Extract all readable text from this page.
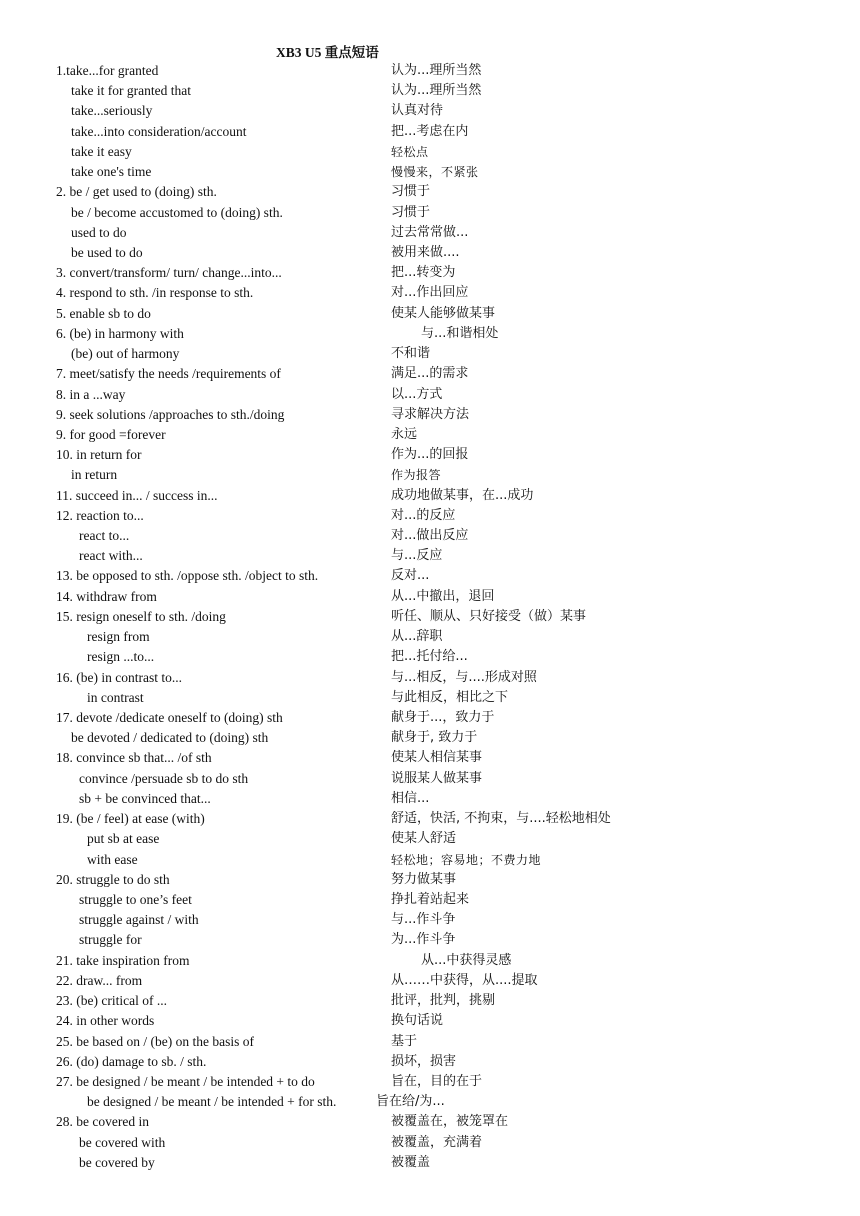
XB3 U5 重点短语
1.take...for granted	认为...理所当然
take it for granted that	认为...理所当然
take...seriously	认真对待
take...into consideration/account	把...考虑在内
take it easy	轻松点
take one's time	慢慢来，不紧张
2. be / get used to (doing) sth.	习惯于
be / become accustomed to (doing) sth.	习惯于
used to do	过去常常做...
be used to do	被用来做....
3. convert/transform/ turn/ change...into...	把...转变为
4. respond to sth. /in response to sth.	对...作出回应
5. enable sb to do	使某人能够做某事
6. (be) in harmony with	与...和谐相处
(be) out of harmony	不和谐
7. meet/satisfy the needs /requirements of	满足...的需求
8. in a ...way	以...方式
9. seek solutions /approaches to sth./doing	寻求解决方法
9. for good =forever	永远
10. in return for	作为...的回报
in return	作为报答
11. succeed in... / success in...	成功地做某事，在...成功
12. reaction to...	对...的反应
react to...	对...做出反应
react with...	与...反应
13. be opposed to sth. /oppose sth. /object to sth.	反对...
14. withdraw from	从...中撤出，退回
15. resign oneself to sth. /doing	听任、顺从、只好接受（做）某事
resign from	从...辞职
resign ...to...	把...托付给...
16. (be) in contrast to...	与...相反，与....形成对照
in contrast	与此相反，相比之下
17. devote /dedicate oneself to (doing) sth	献身于...，致力于
be devoted / dedicated to (doing) sth	献身于, 致力于
18. convince sb that... /of sth	使某人相信某事
convince /persuade sb to do sth	说服某人做某事
sb + be convinced that...	相信...
19. (be / feel) at ease (with)	舒适，快活, 不拘束，与....轻松地相处
put sb at ease	使某人舒适
with ease	轻松地；容易地；不费力地
20. struggle to do sth	努力做某事
struggle to one’s feet	挣扎着站起来
struggle against / with	与...作斗争
struggle for	为...作斗争
21. take inspiration from	从...中获得灵感
22. draw... from	从……中获得，从....提取
23. (be) critical of ...	批评，批判，挑剔
24. in other words	换句话说
25. be based on / (be) on the basis of	基于
26. (do) damage to sb. / sth.	损坏，损害
27. be designed / be meant / be intended + to do	旨在，目的在于
be designed / be meant / be intended + for sth.	旨在给/为...
28. be covered in	被覆盖在，被笼罩在
be covered with	被覆盖，充满着
be covered by	被覆盖
